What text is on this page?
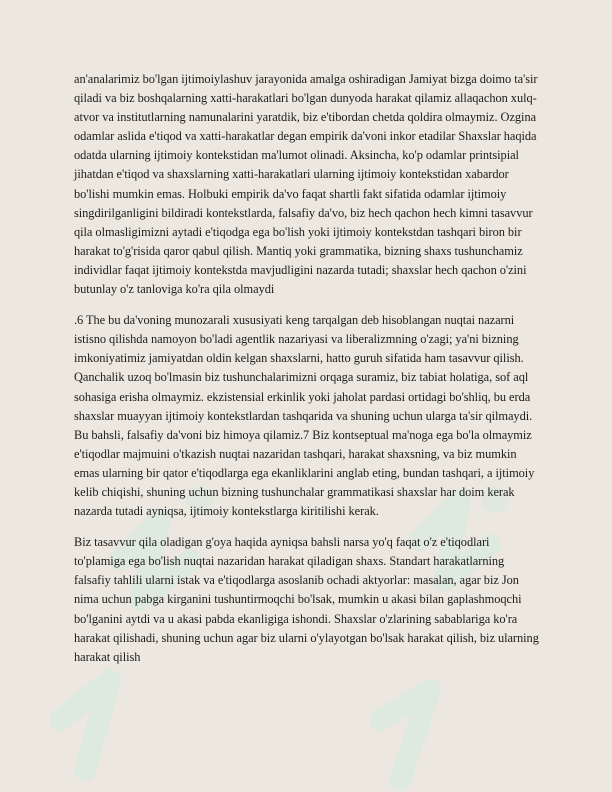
an'analarimiz bo'lgan ijtimoiylashuv jarayonida amalga oshiradigan Jamiyat bizga doimo ta'sir qiladi va biz boshqalarning xatti-harakatlari bo'lgan dunyoda harakat qilamiz allaqachon xulq-atvor va institutlarning namunalarini yaratdik, biz e'tibordan chetda qoldira olmaymiz. Ozgina odamlar aslida e'tiqod va xatti-harakatlar degan empirik da'voni inkor etadilar Shaxslar haqida odatda ularning ijtimoiy kontekstidan ma'lumot olinadi. Aksincha, ko'p odamlar printsipial jihatdan e'tiqod va shaxslarning xatti-harakatlari ularning ijtimoiy kontekstidan xabardor bo'lishi mumkin emas. Holbuki empirik da'vo faqat shartli fakt sifatida odamlar ijtimoiy singdirilganligini bildiradi kontekstlarda, falsafiy da'vo, biz hech qachon hech kimni tasavvur qila olmasligimizni aytadi e'tiqodga ega bo'lish yoki ijtimoiy kontekstdan tashqari biron bir harakat to'g'risida qaror qabul qilish. Mantiq yoki grammatika, bizning shaxs tushunchamiz individlar faqat ijtimoiy kontekstda mavjudligini nazarda tutadi; shaxslar hech qachon o'zini butunlay o'z tanloviga ko'ra qila olmaydi

.6 The bu da'voning munozarali xususiyati keng tarqalgan deb hisoblangan nuqtai nazarni istisno qilishda namoyon bo'ladi agentlik nazariyasi va liberalizmning o'zagi; ya'ni bizning imkoniyatimiz jamiyatdan oldin kelgan shaxslarni, hatto guruh sifatida ham tasavvur qilish. Qanchalik uzoq bo'lmasin biz tushunchalarimizni orqaga suramiz, biz tabiat holatiga, sof aql sohasiga erisha olmaymiz. ekzistensial erkinlik yoki jaholat pardasi ortidagi bo'shliq, bu erda shaxslar muayyan ijtimoiy kontekstlardan tashqarida va shuning uchun ularga ta'sir qilmaydi. Bu bahsli, falsafiy da'voni biz himoya qilamiz.7 Biz kontseptual ma'noga ega bo'la olmaymiz e'tiqodlar majmuini o'tkazish nuqtai nazaridan tashqari, harakat shaxsning, va biz mumkin emas ularning bir qator e'tiqodlarga ega ekanliklarini anglab eting, bundan tashqari, a ijtimoiy kelib chiqishi, shuning uchun bizning tushunchalar grammatikasi shaxslar har doim kerak nazarda tutadi ayniqsa, ijtimoiy kontekstlarga kiritilishi kerak.

Biz tasavvur qila oladigan g'oya haqida ayniqsa bahsli narsa yo'q faqat o'z e'tiqodlari to'plamiga ega bo'lish nuqtai nazaridan harakat qiladigan shaxs. Standart harakatlarning falsafiy tahlili ularni istak va e'tiqodlarga asoslanib ochadi aktyorlar: masalan, agar biz Jon nima uchun pabga kirganini tushuntirmoqchi bo'lsak, mumkin u akasi bilan gaplashmoqchi bo'lganini aytdi va u akasi pabda ekanligiga ishondi. Shaxslar o'zlarining sabablariga ko'ra harakat qilishadi, shuning uchun agar biz ularni o'ylayotgan bo'lsak harakat qilish, biz ularning harakat qilish
